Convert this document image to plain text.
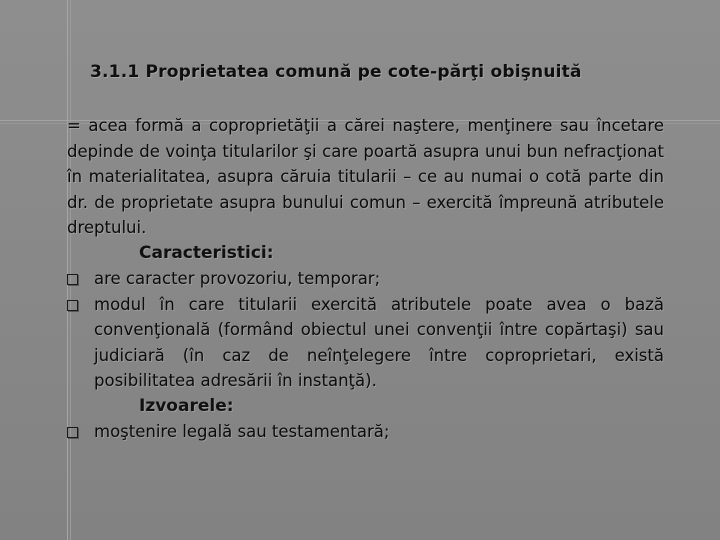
3.1.1 Proprietatea comună pe cote-părţi obişnuită

= acea formă a coproprietăţii a cărei naştere, menţinere sau încetare depinde de voinţa titularilor şi care poartă asupra unui bun nefracţionat în materialitatea, asupra căruia titularii – ce au numai o cotă parte din dr. de proprietate asupra bunului comun – exercită împreună atributele dreptului.

Caracteristici:
are caracter provozoriu, temporar;
modul în care titularii exercită atributele poate avea o bază convenţională (formând obiectul unei convenţii între copărtaşi) sau judiciară (în caz de neînţelegere între coproprietari, există posibilitatea adresării în instanţă).
Izvoarele:
moştenire legală sau testamentară;
